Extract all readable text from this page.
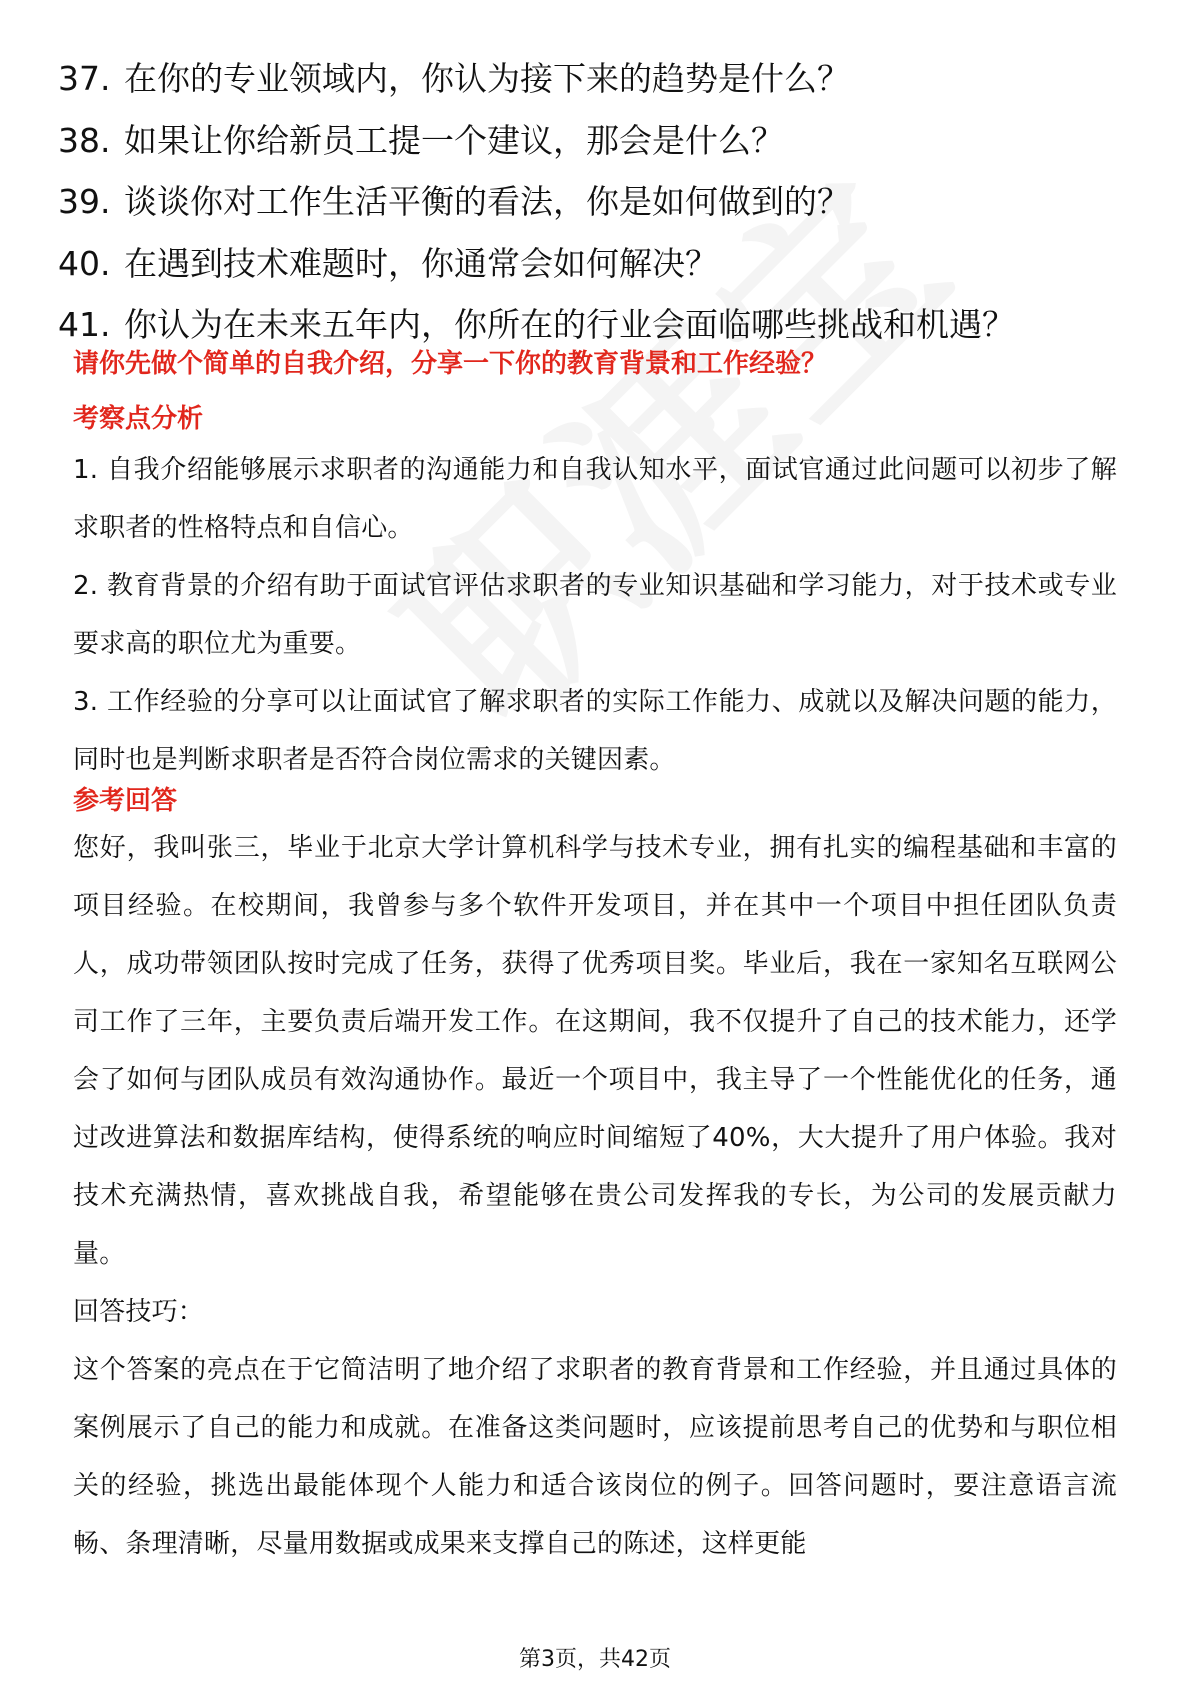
37. 在你的专业领域内，你认为接下来的趋势是什么？
38. 如果让你给新员工提一个建议，那会是什么？
39. 谈谈你对工作生活平衡的看法，你是如何做到的？
40. 在遇到技术难题时，你通常会如何解决？
41. 你认为在未来五年内，你所在的行业会面临哪些挑战和机遇？
请你先做个简单的自我介绍，分享一下你的教育背景和工作经验？
考察点分析
1. 自我介绍能够展示求职者的沟通能力和自我认知水平，面试官通过此问题可以初步了解求职者的性格特点和自信心。
2. 教育背景的介绍有助于面试官评估求职者的专业知识基础和学习能力，对于技术或专业要求高的职位尤为重要。
3. 工作经验的分享可以让面试官了解求职者的实际工作能力、成就以及解决问题的能力，同时也是判断求职者是否符合岗位需求的关键因素。
参考回答
您好，我叫张三，毕业于北京大学计算机科学与技术专业，拥有扎实的编程基础和丰富的项目经验。在校期间，我曾参与多个软件开发项目，并在其中一个项目中担任团队负责人，成功带领团队按时完成了任务，获得了优秀项目奖。毕业后，我在一家知名互联网公司工作了三年，主要负责后端开发工作。在这期间，我不仅提升了自己的技术能力，还学会了如何与团队成员有效沟通协作。最近一个项目中，我主导了一个性能优化的任务，通过改进算法和数据库结构，使得系统的响应时间缩短了40%，大大提升了用户体验。我对技术充满热情，喜欢挑战自我，希望能够在贵公司发挥我的专长，为公司的发展贡献力量。
回答技巧：
这个答案的亮点在于它简洁明了地介绍了求职者的教育背景和工作经验，并且通过具体的案例展示了自己的能力和成就。在准备这类问题时，应该提前思考自己的优势和与职位相关的经验，挑选出最能体现个人能力和适合该岗位的例子。回答问题时，要注意语言流畅、条理清晰，尽量用数据或成果来支撑自己的陈述，这样更能
第3页，共42页
